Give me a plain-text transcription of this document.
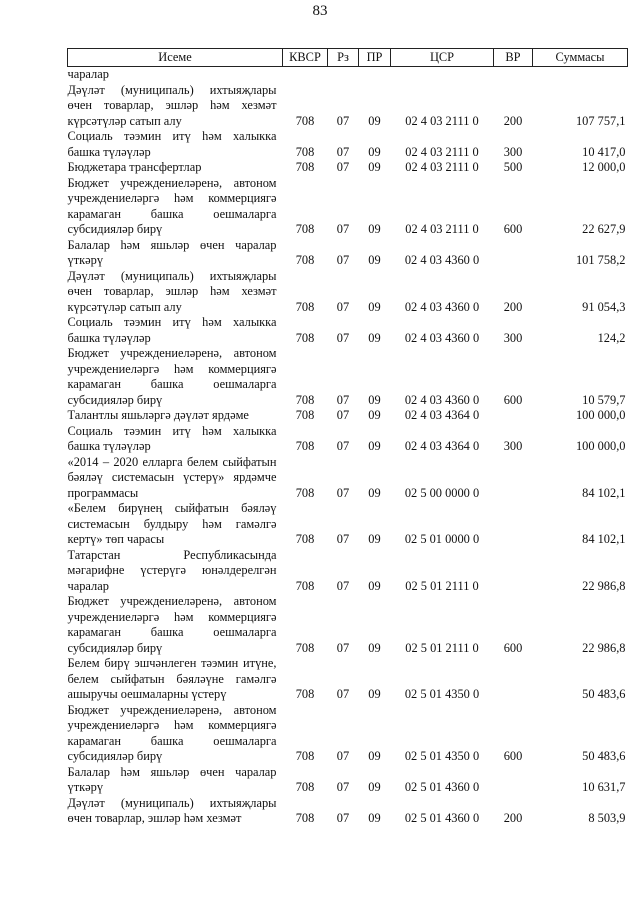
83
Исеме	КВСР	Рз	ПР	ЦСР	ВР	Суммасы
чаралар						
Дәүләт (муниципаль) ихтыяҗлары өчен товарлар, эшләр һәм хезмәт күрсәтүләр сатып алу	708	07	09	02 4 03 2111 0	200	107 757,1
Социаль тәэмин итү һәм халыкка башка түләүләр	708	07	09	02 4 03 2111 0	300	10 417,0
Бюджетара трансфертлар	708	07	09	02 4 03 2111 0	500	12 000,0
Бюджет учреждениеләренә, автоном учреждениеләргә һәм коммерциягә карамаган башка оешмаларга субсидияләр бирү	708	07	09	02 4 03 2111 0	600	22 627,9
Балалар һәм яшьләр өчен чаралар үткәрү	708	07	09	02 4 03 4360 0		101 758,2
Дәүләт (муниципаль) ихтыяҗлары өчен товарлар, эшләр һәм хезмәт күрсәтүләр сатып алу	708	07	09	02 4 03 4360 0	200	91 054,3
Социаль тәэмин итү һәм халыкка башка түләүләр	708	07	09	02 4 03 4360 0	300	124,2
Бюджет учреждениеләренә, автоном учреждениеләргә һәм коммерциягә карамаган башка оешмаларга субсидияләр бирү	708	07	09	02 4 03 4360 0	600	10 579,7
Талантлы яшьләргә дәүләт ярдәме	708	07	09	02 4 03 4364 0		100 000,0
Социаль тәэмин итү һәм халыкка башка түләүләр	708	07	09	02 4 03 4364 0	300	100 000,0
«2014 – 2020 елларга белем сыйфатын бәяләү системасын үстерү» ярдәмче программасы	708	07	09	02 5 00 0000 0		84 102,1
«Белем бирүнең сыйфатын бәяләү системасын булдыру һәм гамәлгә кертү» төп чарасы	708	07	09	02 5 01 0000 0		84 102,1
Татарстан Республикасында мәгарифне үстерүгә юнәлдерелгән чаралар	708	07	09	02 5 01 2111 0		22 986,8
Бюджет учреждениеләренә, автоном учреждениеләргә һәм коммерциягә карамаган башка оешмаларга субсидияләр бирү	708	07	09	02 5 01 2111 0	600	22 986,8
Белем бирү эшчәнлеген тәэмин итүне, белем сыйфатын бәяләүне гамәлгә ашыручы оешмаларны үстерү	708	07	09	02 5 01 4350 0		50 483,6
Бюджет учреждениеләренә, автоном учреждениеләргә һәм коммерциягә карамаган башка оешмаларга субсидияләр бирү	708	07	09	02 5 01 4350 0	600	50 483,6
Балалар һәм яшьләр өчен чаралар үткәрү	708	07	09	02 5 01 4360 0		10 631,7
Дәүләт (муниципаль) ихтыяҗлары өчен товарлар, эшләр һәм хезмәт	708	07	09	02 5 01 4360 0	200	8 503,9
